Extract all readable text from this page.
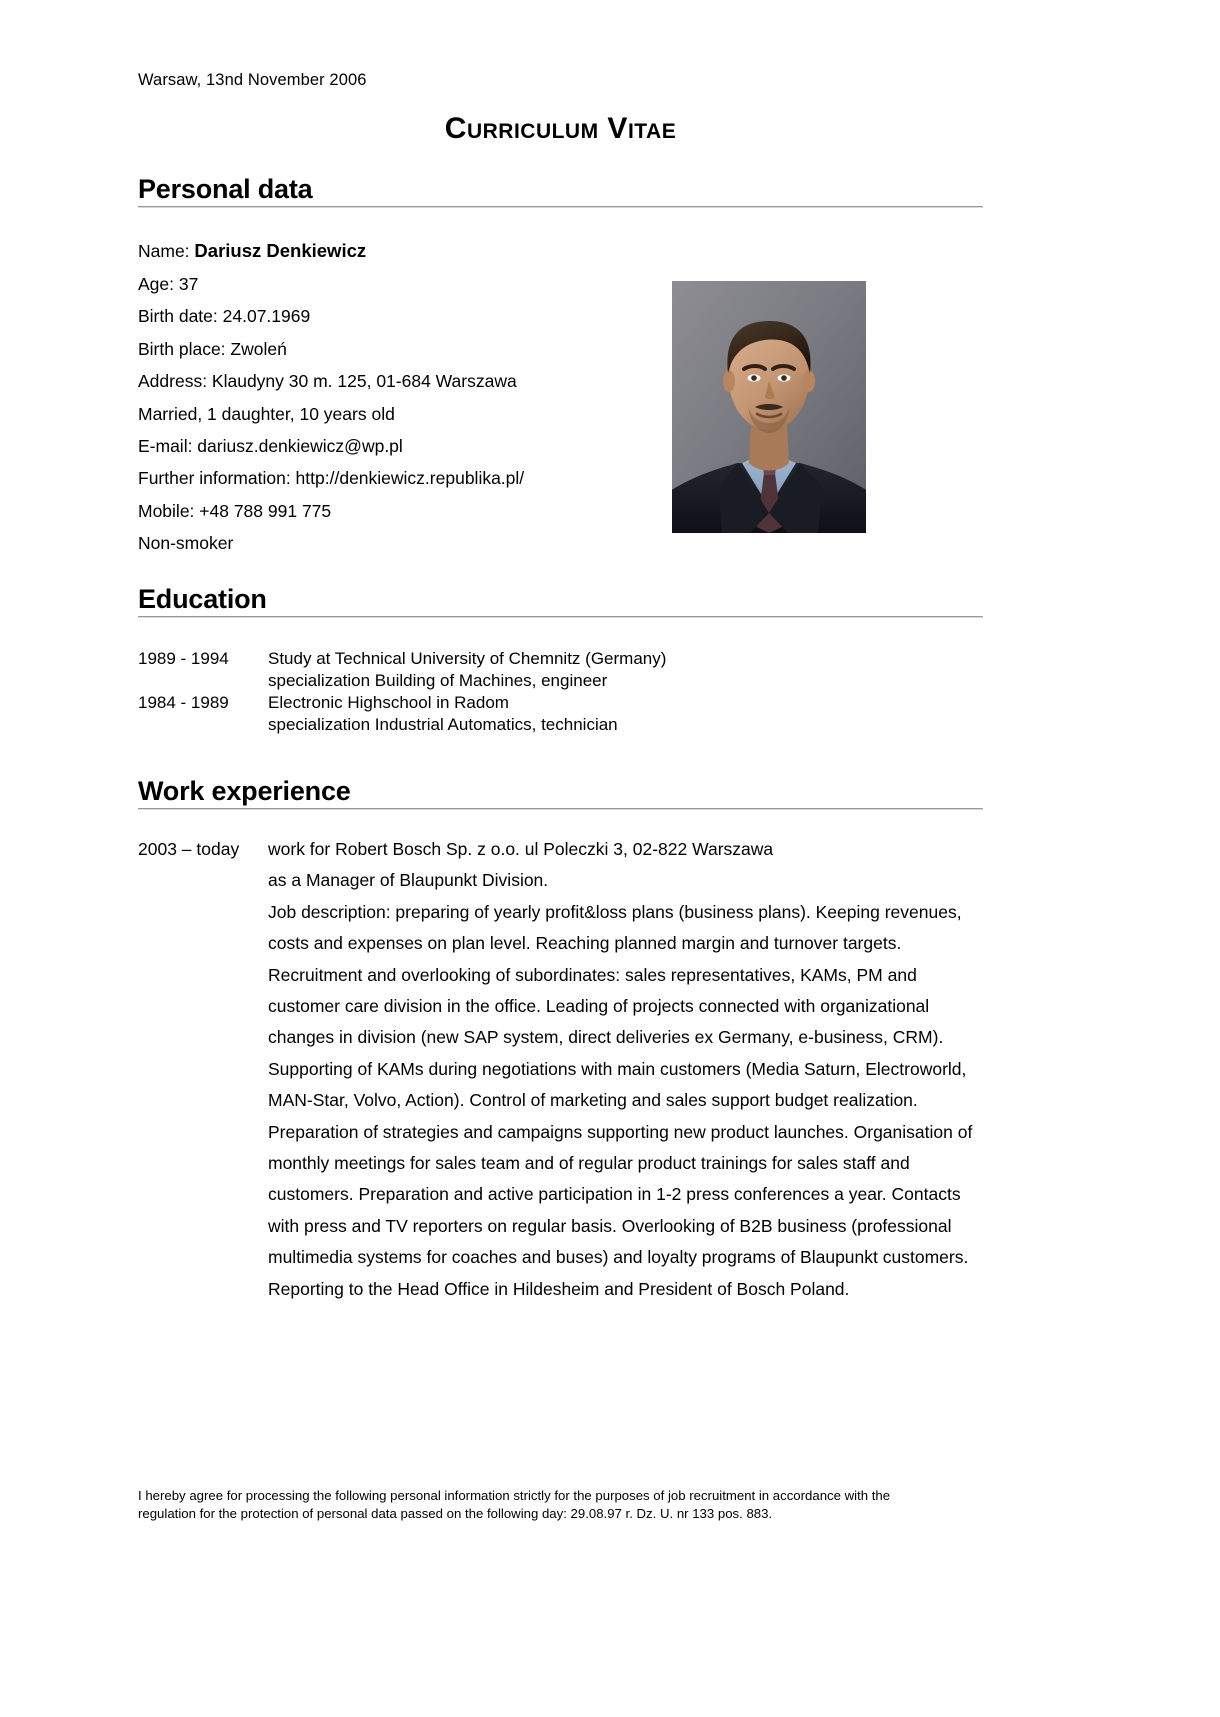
Warsaw, 13nd November 2006
Curriculum Vitae
Personal data
Name: Dariusz Denkiewicz
Age: 37
Birth date: 24.07.1969
Birth place: Zwoleń
Address: Klaudyny 30 m. 125, 01-684 Warszawa
Married, 1 daughter, 10 years old
E-mail: dariusz.denkiewicz@wp.pl
Further information: http://denkiewicz.republika.pl/
Mobile: +48 788 991 775
Non-smoker
Education
1989 - 1994	Study at Technical University of Chemnitz (Germany)
specialization Building of Machines, engineer
1984 - 1989	Electronic Highschool in Radom
specialization Industrial Automatics, technician
Work experience
2003 – today	work for Robert Bosch Sp. z o.o. ul Poleczki 3, 02-822 Warszawa
as a Manager of Blaupunkt Division.
Job description: preparing of yearly profit&loss plans (business plans). Keeping revenues, costs and expenses on plan level. Reaching planned margin and turnover targets. Recruitment and overlooking of subordinates: sales representatives, KAMs, PM and customer care division in the office. Leading of projects connected with organizational changes in division (new SAP system, direct deliveries ex Germany, e-business, CRM). Supporting of KAMs during negotiations with main customers (Media Saturn, Electroworld, MAN-Star, Volvo, Action). Control of marketing and sales support budget realization. Preparation of strategies and campaigns supporting new product launches. Organisation of monthly meetings for sales team and of regular product trainings for sales staff and customers. Preparation and active participation in 1-2 press conferences a year. Contacts with press and TV reporters on regular basis. Overlooking of B2B business (professional multimedia systems for coaches and buses) and loyalty programs of Blaupunkt customers. Reporting to the Head Office in Hildesheim and President of Bosch Poland.
I hereby agree for processing the following personal information strictly for the purposes of job recruitment in accordance with the
regulation for the protection of personal data passed on the following day: 29.08.97 r. Dz. U. nr 133 pos. 883.
